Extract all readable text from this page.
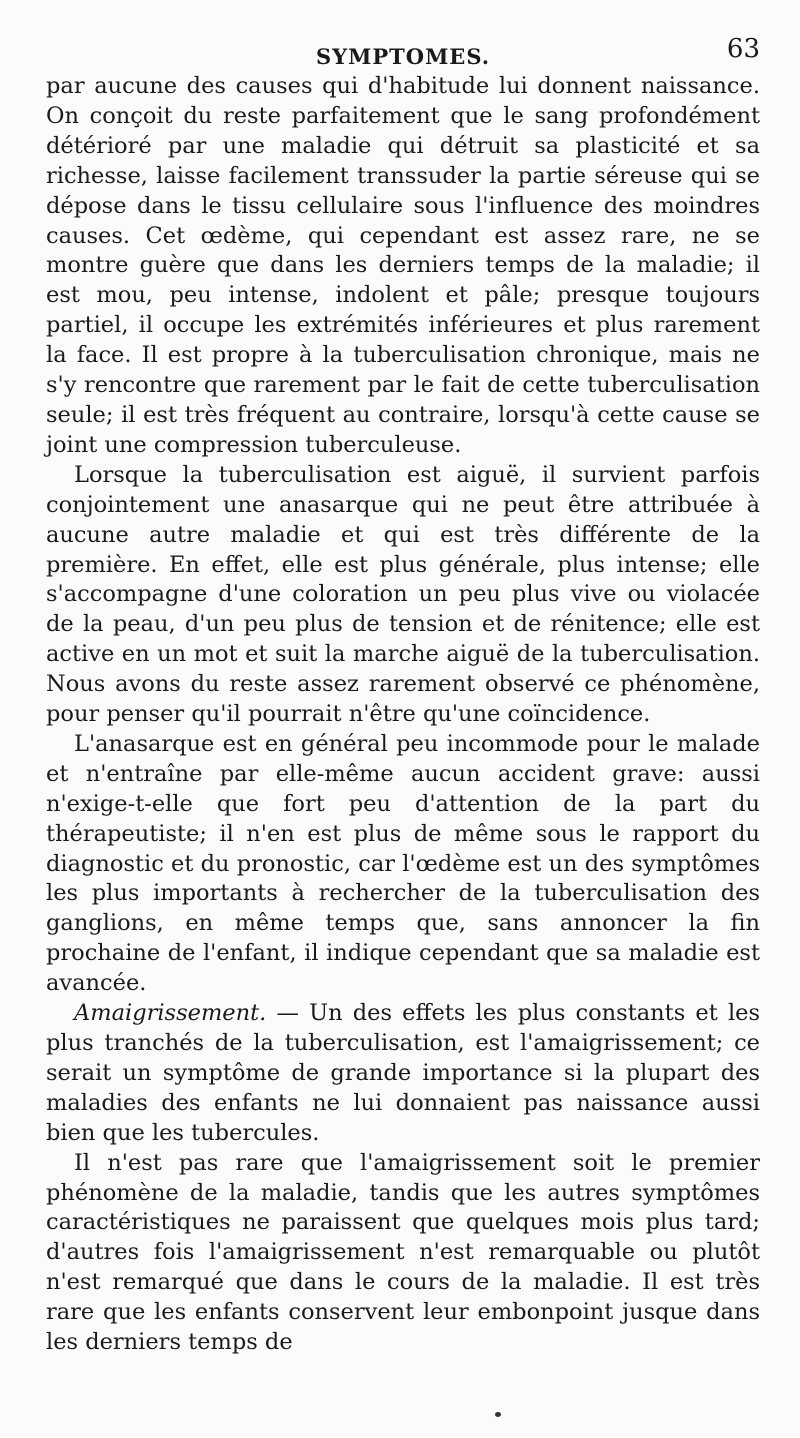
SYMPTOMES.	63

par aucune des causes qui d'habitude lui donnent naissance. On conçoit du reste parfaitement que le sang profondément détérioré par une maladie qui détruit sa plasticité et sa richesse, laisse facilement transsuder la partie séreuse qui se dépose dans le tissu cellulaire sous l'influence des moindres causes. Cet œdème, qui cependant est assez rare, ne se montre guère que dans les derniers temps de la maladie; il est mou, peu intense, indolent et pâle; presque toujours partiel, il occupe les extrémités inférieures et plus rarement la face. Il est propre à la tuberculisation chronique, mais ne s'y rencontre que rarement par le fait de cette tuberculisation seule; il est très fréquent au contraire, lorsqu'à cette cause se joint une compression tuberculeuse.

Lorsque la tuberculisation est aiguë, il survient parfois conjointement une anasarque qui ne peut être attribuée à aucune autre maladie et qui est très différente de la première. En effet, elle est plus générale, plus intense; elle s'accompagne d'une coloration un peu plus vive ou violacée de la peau, d'un peu plus de tension et de rénitence; elle est active en un mot et suit la marche aiguë de la tuberculisation. Nous avons du reste assez rarement observé ce phénomène, pour penser qu'il pourrait n'être qu'une coïncidence.

L'anasarque est en général peu incommode pour le malade et n'entraîne par elle-même aucun accident grave: aussi n'exige-t-elle que fort peu d'attention de la part du thérapeutiste; il n'en est plus de même sous le rapport du diagnostic et du pronostic, car l'œdème est un des symptômes les plus importants à rechercher de la tuberculisation des ganglions, en même temps que, sans annoncer la fin prochaine de l'enfant, il indique cependant que sa maladie est avancée.

Amaigrissement. — Un des effets les plus constants et les plus tranchés de la tuberculisation, est l'amaigrissement; ce serait un symptôme de grande importance si la plupart des maladies des enfants ne lui donnaient pas naissance aussi bien que les tubercules.

Il n'est pas rare que l'amaigrissement soit le premier phénomène de la maladie, tandis que les autres symptômes caractéristiques ne paraissent que quelques mois plus tard; d'autres fois l'amaigrissement n'est remarquable ou plutôt n'est remarqué que dans le cours de la maladie. Il est très rare que les enfants conservent leur embonpoint jusque dans les derniers temps de
